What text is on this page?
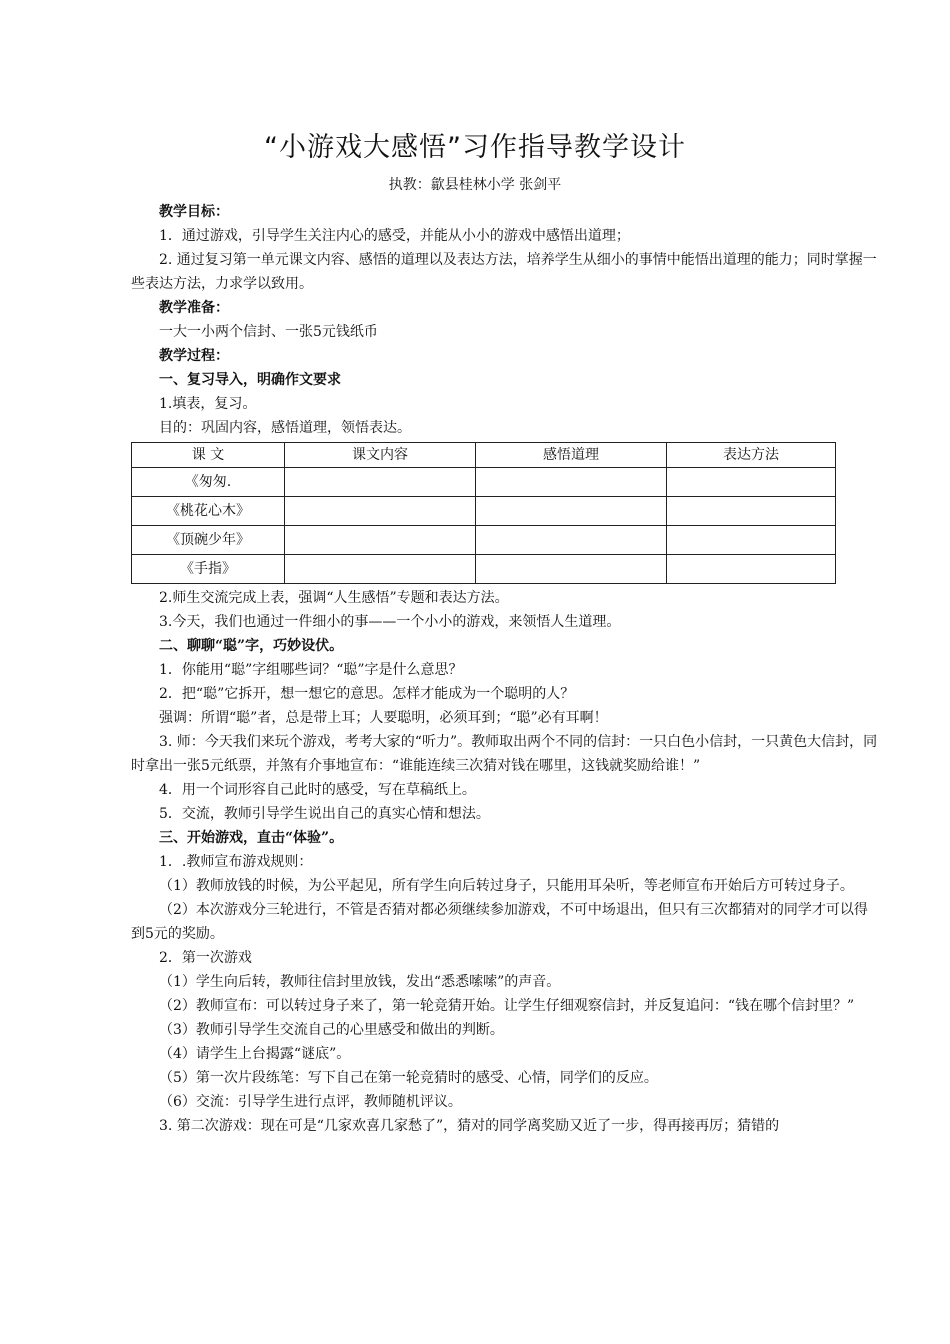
“小游戏大感悟”习作指导教学设计
执教：歙县桂林小学 张剑平

教学目标：

1．通过游戏，引导学生关注内心的感受，并能从小小的游戏中感悟出道理；

2. 通过复习第一单元课文内容、感悟的道理以及表达方法，培养学生从细小的事情中能悟出道理的能力；同时掌握一些表达方法，力求学以致用。

教学准备：

一大一小两个信封、一张5元钱纸币

教学过程：

一、复习导入，明确作文要求

1.填表，复习。

目的：巩固内容，感悟道理，领悟表达。

课 文	课文内容	感悟道理	表达方法
《匆匆.			
《桃花心木》			
《顶碗少年》			
《手指》			

2.师生交流完成上表，强调“人生感悟”专题和表达方法。

3.今天，我们也通过一件细小的事——一个小小的游戏，来领悟人生道理。

二、聊聊“聪”字，巧妙设伏。

1．你能用“聪”字组哪些词？“聪”字是什么意思？

2．把“聪”它拆开，想一想它的意思。怎样才能成为一个聪明的人？

强调：所谓“聪”者，总是带上耳；人要聪明，必须耳到；“聪”必有耳啊！

3. 师：今天我们来玩个游戏，考考大家的“听力”。教师取出两个不同的信封：一只白色小信封，一只黄色大信封，同时拿出一张5元纸票，并煞有介事地宣布：“谁能连续三次猜对钱在哪里，这钱就奖励给谁！”

4．用一个词形容自己此时的感受，写在草稿纸上。

5．交流，教师引导学生说出自己的真实心情和想法。

三、开始游戏，直击“体验”。

1．.教师宣布游戏规则：

（1）教师放钱的时候，为公平起见，所有学生向后转过身子，只能用耳朵听，等老师宣布开始后方可转过身子。

（2）本次游戏分三轮进行，不管是否猜对都必须继续参加游戏，不可中场退出，但只有三次都猜对的同学才可以得到5元的奖励。

2．第一次游戏

（1）学生向后转，教师往信封里放钱，发出“悉悉嗦嗦”的声音。

（2）教师宣布：可以转过身子来了，第一轮竞猜开始。让学生仔细观察信封，并反复追问：“钱在哪个信封里？”

（3）教师引导学生交流自己的心里感受和做出的判断。

（4）请学生上台揭露“谜底”。

（5）第一次片段练笔：写下自己在第一轮竞猜时的感受、心情，同学们的反应。

（6）交流：引导学生进行点评，教师随机评议。

3. 第二次游戏：现在可是“几家欢喜几家愁了”，猜对的同学离奖励又近了一步，得再接再厉；猜错的
